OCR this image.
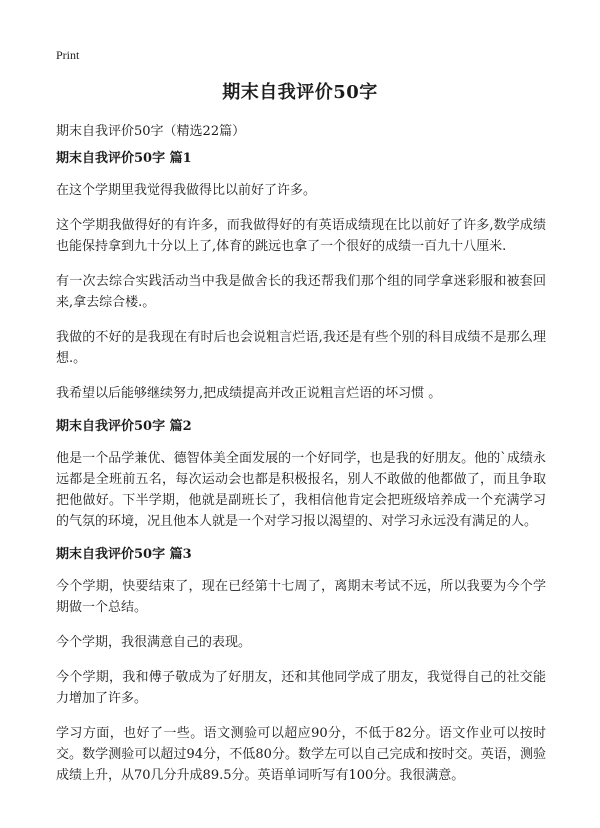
Print
期末自我评价50字
期末自我评价50字（精选22篇）
期末自我评价50字 篇1

在这个学期里我觉得我做得比以前好了许多。

这个学期我做得好的有许多，而我做得好的有英语成绩现在比以前好了许多,数学成绩也能保持拿到九十分以上了,体育的跳远也拿了一个很好的成绩一百九十八厘米.

有一次去综合实践活动当中我是做舍长的我还帮我们那个组的同学拿迷彩服和被套回来,拿去综合楼.。

我做的不好的是我现在有时后也会说粗言烂语,我还是有些个别的科目成绩不是那么理想.。

我希望以后能够继续努力,把成绩提高并改正说粗言烂语的坏习惯 。

期末自我评价50字 篇2

他是一个品学兼优、德智体美全面发展的一个好同学，也是我的好朋友。他的`成绩永远都是全班前五名，每次运动会也都是积极报名，别人不敢做的他都做了，而且争取把他做好。下半学期，他就是副班长了，我相信他肯定会把班级培养成一个充满学习的气氛的环境，况且他本人就是一个对学习报以渴望的、对学习永远没有满足的人。

期末自我评价50字 篇3

今个学期，快要结束了，现在已经第十七周了，离期末考试不远，所以我要为今个学期做一个总结。

今个学期，我很满意自己的表现。

今个学期，我和傅子敬成为了好朋友，还和其他同学成了朋友，我觉得自己的社交能力增加了许多。

学习方面，也好了一些。语文测验可以超应90分，不低于82分。语文作业可以按时交。数学测验可以超过94分，不低80分。数学左可以自己完成和按时交。英语，测验成绩上升，从70几分升成89.5分。英语单词听写有100分。我很满意。
